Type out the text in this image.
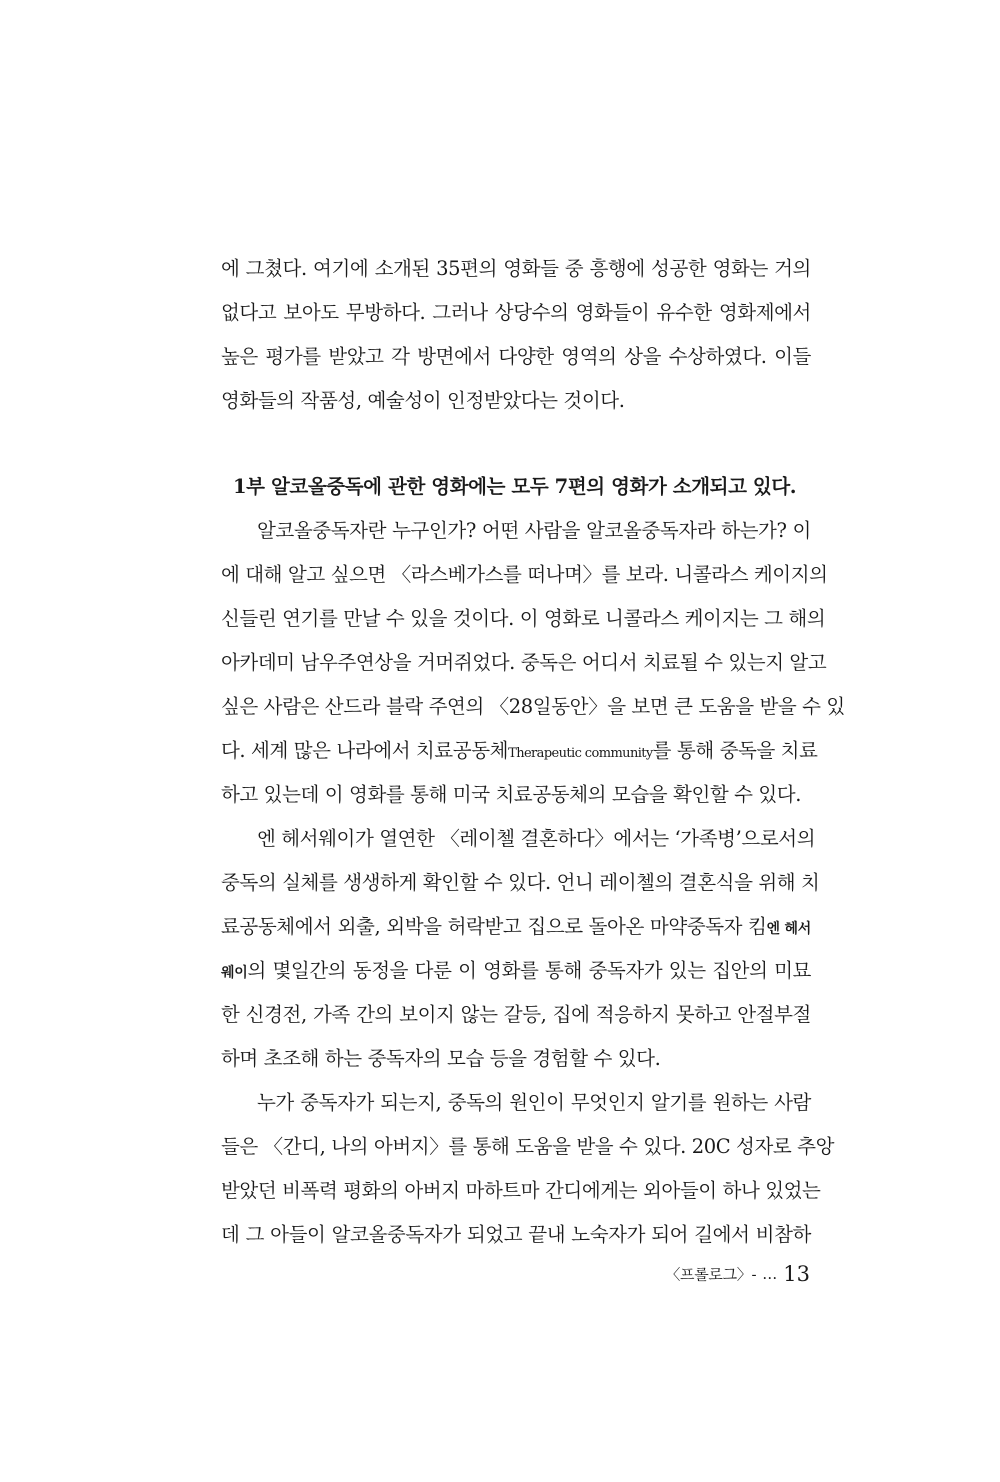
에 그쳤다. 여기에 소개된 35편의 영화들 중 흥행에 성공한 영화는 거의
없다고 보아도 무방하다. 그러나 상당수의 영화들이 유수한 영화제에서
높은 평가를 받았고 각 방면에서 다양한 영역의 상을 수상하였다. 이들
영화들의 작품성, 예술성이 인정받았다는 것이다.
1부 알코올중독에 관한 영화에는 모두 7편의 영화가 소개되고 있다.
알코올중독자란 누구인가? 어떤 사람을 알코올중독자라 하는가? 이
에 대해 알고 싶으면 〈라스베가스를 떠나며〉를 보라. 니콜라스 케이지의
신들린 연기를 만날 수 있을 것이다. 이 영화로 니콜라스 케이지는 그 해의
아카데미 남우주연상을 거머쥐었다. 중독은 어디서 치료될 수 있는지 알고
싶은 사람은 산드라 블락 주연의 〈28일동안〉을 보면 큰 도움을 받을 수 있
다. 세계 많은 나라에서 치료공동체Therapeutic community를 통해 중독을 치료
하고 있는데 이 영화를 통해 미국 치료공동체의 모습을 확인할 수 있다.
엔 헤서웨이가 열연한 〈레이첼 결혼하다〉에서는 ‘가족병’으로서의
중독의 실체를 생생하게 확인할 수 있다. 언니 레이첼의 결혼식을 위해 치
료공동체에서 외출, 외박을 허락받고 집으로 돌아온 마약중독자 킴엔 헤서
웨이의 몇일간의 동정을 다룬 이 영화를 통해 중독자가 있는 집안의 미묘
한 신경전, 가족 간의 보이지 않는 갈등, 집에 적응하지 못하고 안절부절
하며 초조해 하는 중독자의 모습 등을 경험할 수 있다.
누가 중독자가 되는지, 중독의 원인이 무엇인지 알기를 원하는 사람
들은 〈간디, 나의 아버지〉를 통해 도움을 받을 수 있다. 20C 성자로 추앙
받았던 비폭력 평화의 아버지 마하트마 간디에게는 외아들이 하나 있었는
데 그 아들이 알코올중독자가 되었고 끝내 노숙자가 되어 길에서 비참하
〈프롤로그〉- … 13
